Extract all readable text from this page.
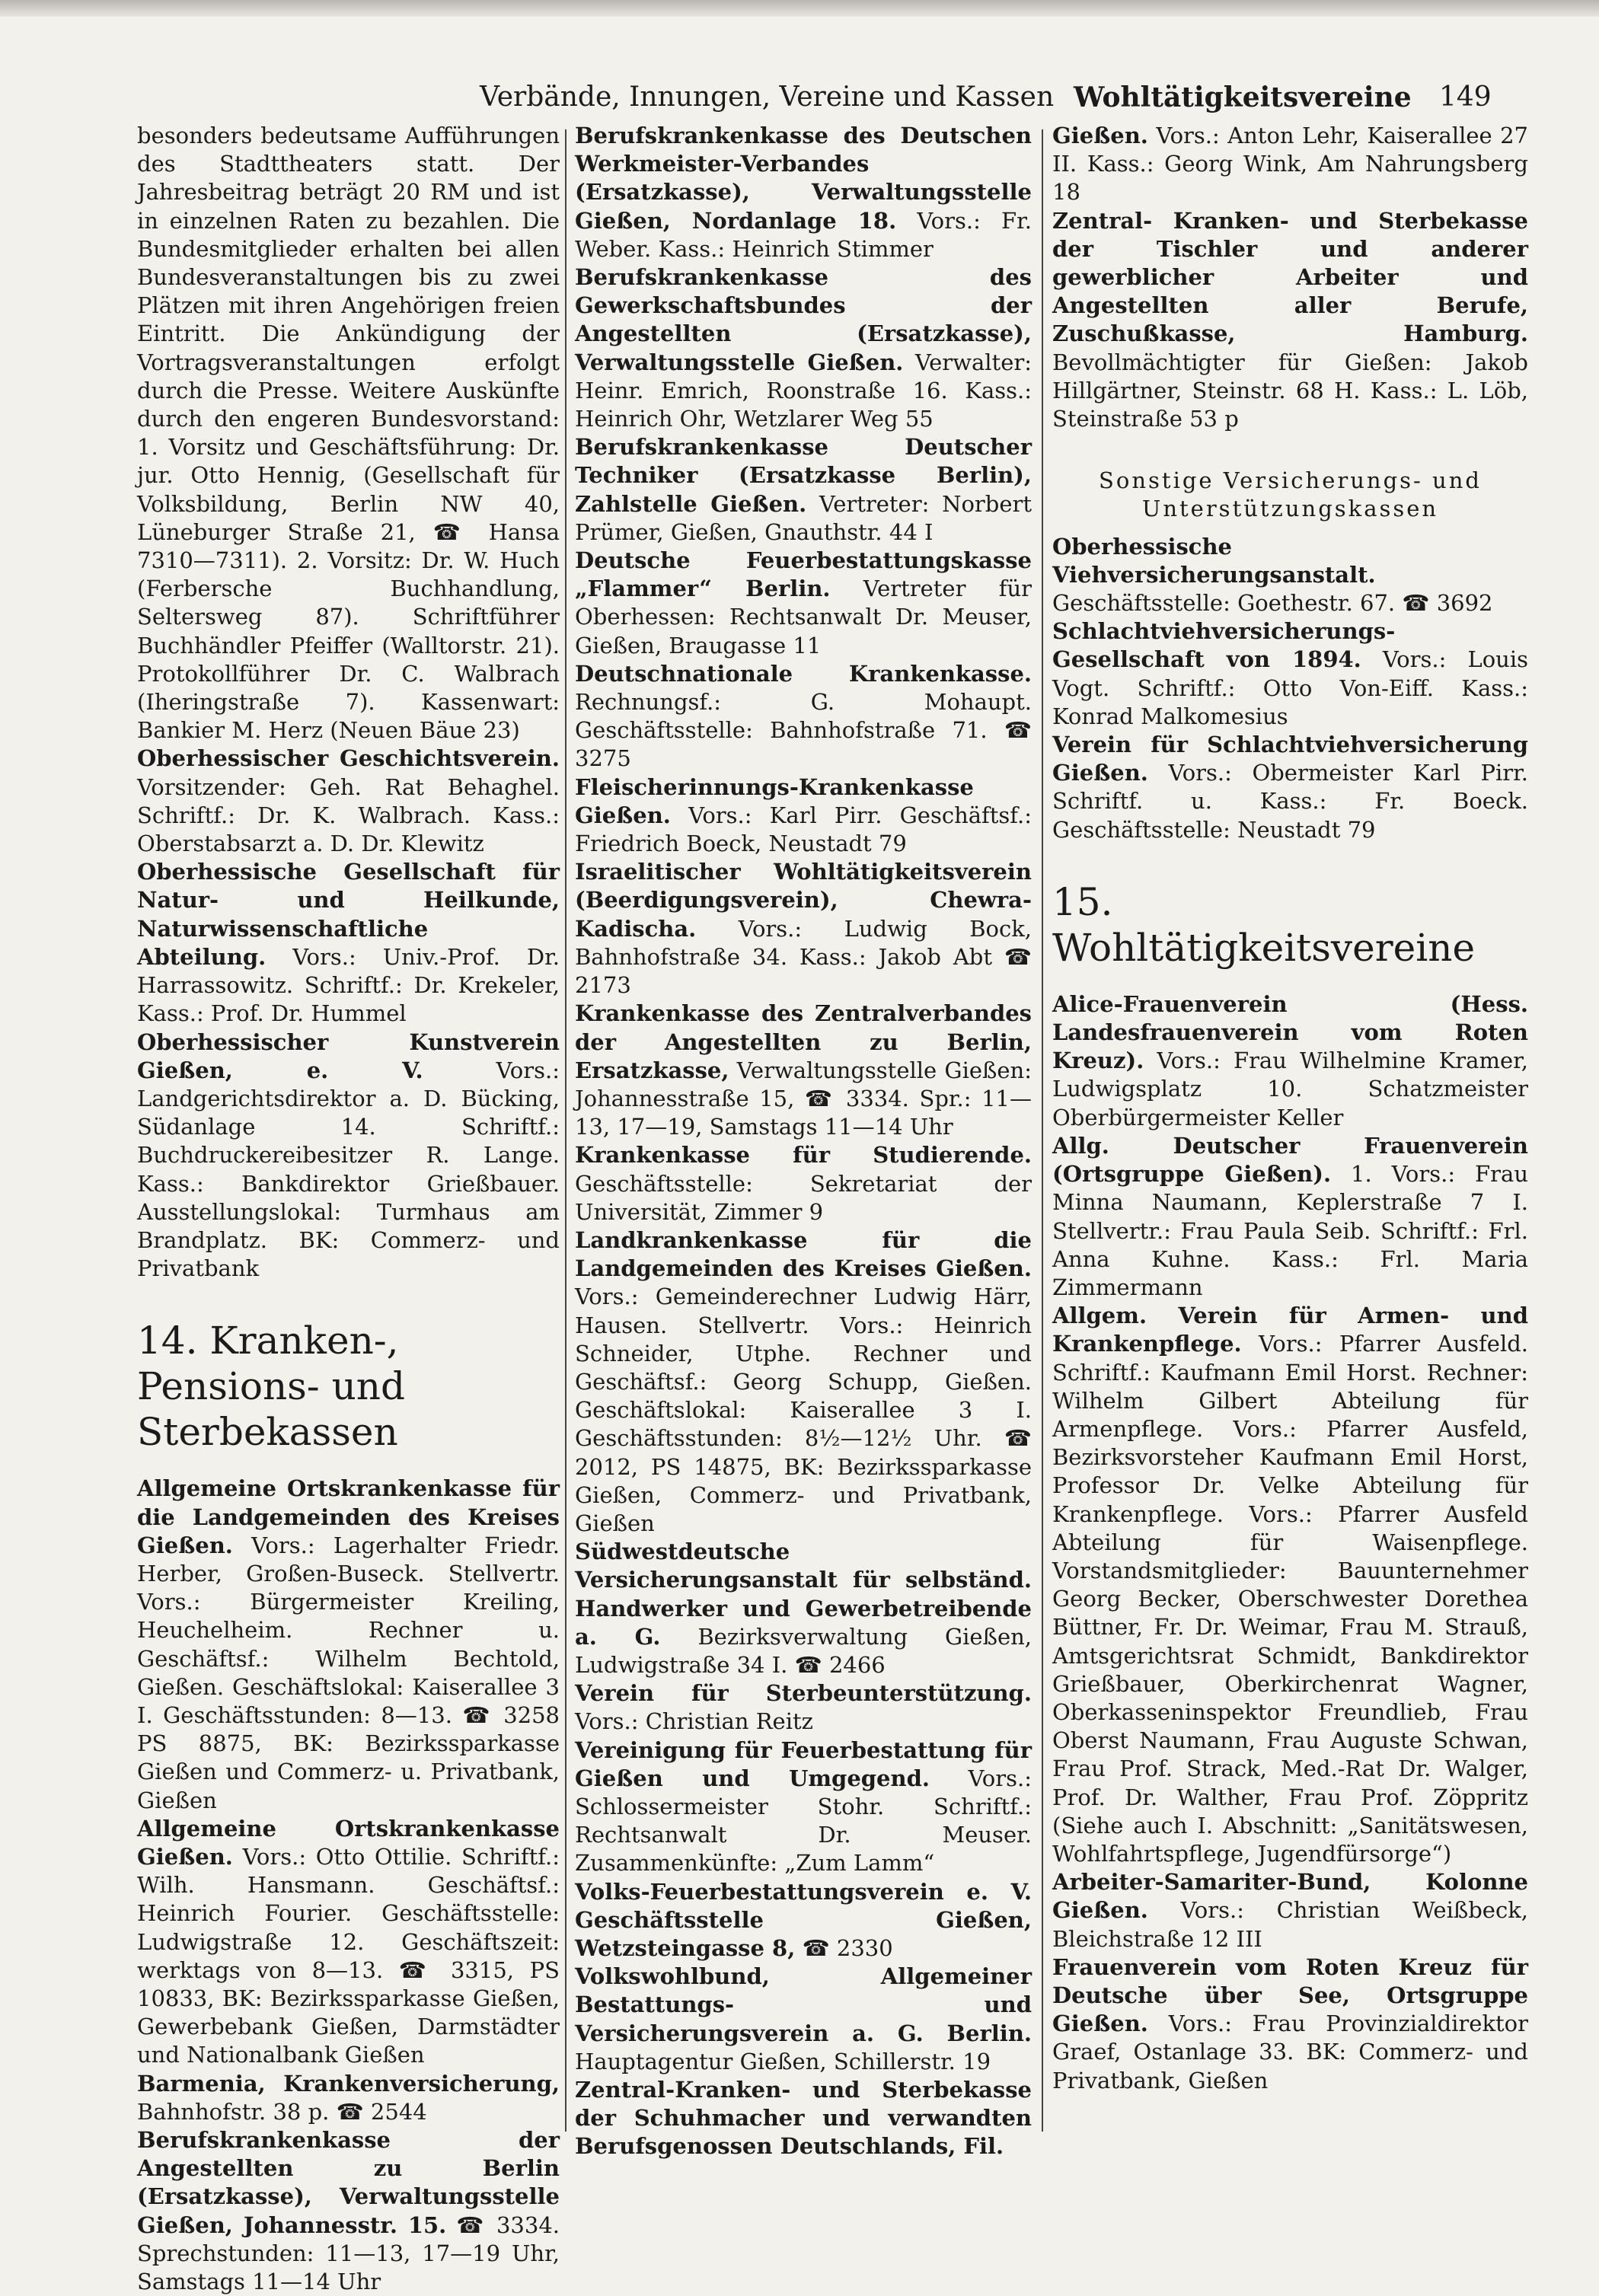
Verbände, Innungen, Vereine und Kassen Wohltätigkeitsvereine 149

besonders bedeutsame Aufführungen des Stadttheaters statt. Der Jahresbeitrag beträgt 20 RM und ist in einzelnen Raten zu bezahlen. Die Bundesmitglieder erhalten bei allen Bundesveranstaltungen bis zu zwei Plätzen mit ihren Angehörigen freien Eintritt. Die Ankündigung der Vortragsveranstaltungen erfolgt durch die Presse. Weitere Auskünfte durch den engeren Bundesvorstand: 1. Vorsitz und Geschäftsführung: Dr. jur. Otto Hennig, (Gesellschaft für Volksbildung, Berlin NW 40, Lüneburger Straße 21, ☎ Hansa 7310—7311). 2. Vorsitz: Dr. W. Huch (Ferbersche Buchhandlung, Seltersweg 87). Schriftführer Buchhändler Pfeiffer (Walltorstr. 21). Protokollführer Dr. C. Walbrach (Iheringstraße 7). Kassenwart: Bankier M. Herz (Neuen Bäue 23)

Oberhessischer Geschichtsverein. Vorsitzender: Geh. Rat Behaghel. Schriftf.: Dr. K. Walbrach. Kass.: Oberstabsarzt a. D. Dr. Klewitz

Oberhessische Gesellschaft für Natur- und Heilkunde, Naturwissenschaftliche Abteilung. Vors.: Univ.-Prof. Dr. Harrassowitz. Schriftf.: Dr. Krekeler, Kass.: Prof. Dr. Hummel

Oberhessischer Kunstverein Gießen, e. V.	Vors.: Landgerichtsdirektor a. D. Bücking, Südanlage 14. Schriftf.: Buchdruckereibesitzer R. Lange. Kass.: Bankdirektor Grießbauer. Ausstellungslokal: Turmhaus am Brandplatz. BK: Commerz- und Privatbank

14. Kranken-, Pensions- und Sterbekassen

Allgemeine Ortskrankenkasse für die Landgemeinden des Kreises Gießen. Vors.: Lagerhalter Friedr. Herber, Großen-Buseck. Stellvertr. Vors.: Bürgermeister Kreiling, Heuchelheim. Rechner u. Geschäftsf.: Wilhelm Bechtold, Gießen. Geschäftslokal: Kaiserallee 3 I. Geschäftsstunden: 8—13. ☎ 3258 PS 8875, BK: Bezirkssparkasse Gießen und Commerz- u. Privatbank, Gießen

Allgemeine Ortskrankenkasse Gießen. Vors.: Otto Ottilie. Schriftf.: Wilh. Hansmann. Geschäftsf.: Heinrich Fourier. Geschäftsstelle: Ludwigstraße 12. Geschäftszeit: werktags von 8—13. ☎ 3315, PS 10833, BK: Bezirkssparkasse Gießen, Gewerbebank Gießen, Darmstädter und Nationalbank Gießen

Barmenia, Krankenversicherung, Bahnhofstr. 38 p. ☎ 2544

Berufskrankenkasse der Angestellten zu Berlin (Ersatzkasse), Verwaltungsstelle Gießen, Johannesstr. 15. ☎ 3334. Sprechstunden: 11—13, 17—19 Uhr, Samstags 11—14 Uhr

Berufskrankenkasse des Deutschen Werkmeister-Verbandes (Ersatzkasse), Verwaltungsstelle Gießen, Nordanlage 18. Vors.: Fr. Weber. Kass.: Heinrich Stimmer

Berufskrankenkasse des Gewerkschaftsbundes der Angestellten (Ersatzkasse), Verwaltungsstelle Gießen. Verwalter: Heinr. Emrich, Roonstraße 16. Kass.: Heinrich Ohr, Wetzlarer Weg 55

Berufskrankenkasse Deutscher Techniker (Ersatzkasse Berlin), Zahlstelle Gießen. Vertreter: Norbert Prümer, Gießen, Gnauthstr. 44 I

Deutsche Feuerbestattungskasse „Flammer“ Berlin. Vertreter für Oberhessen: Rechtsanwalt Dr. Meuser, Gießen, Braugasse 11

Deutschnationale Krankenkasse. Rechnungsf.: G. Mohaupt. Geschäftsstelle: Bahnhofstraße 71. ☎ 3275

Fleischerinnungs-Krankenkasse Gießen. Vors.: Karl Pirr. Geschäftsf.: Friedrich Boeck, Neustadt 79

Israelitischer Wohltätigkeitsverein (Beerdigungsverein), Chewra-Kadischa. Vors.: Ludwig Bock, Bahnhofstraße 34. Kass.: Jakob Abt ☎ 2173

Krankenkasse des Zentralverbandes der Angestellten zu Berlin, Ersatzkasse, Verwaltungsstelle Gießen: Johannesstraße 15, ☎ 3334. Spr.: 11—13, 17—19, Samstags 11—14 Uhr

Krankenkasse für Studierende. Geschäftsstelle: Sekretariat der Universität, Zimmer 9

Landkrankenkasse für die Landgemeinden des Kreises Gießen. Vors.: Gemeinderechner Ludwig Härr, Hausen. Stellvertr. Vors.: Heinrich Schneider, Utphe. Rechner und Geschäftsf.: Georg Schupp, Gießen. Geschäftslokal: Kaiserallee 3 I. Geschäftsstunden: 8½—12½ Uhr. ☎ 2012, PS 14875, BK: Bezirkssparkasse Gießen, Commerz- und Privatbank, Gießen

Südwestdeutsche Versicherungsanstalt für selbständ. Handwerker und Gewerbetreibende a. G. Bezirksverwaltung Gießen, Ludwigstraße 34 I. ☎ 2466

Verein für Sterbeunterstützung. Vors.: Christian Reitz

Vereinigung für Feuerbestattung für Gießen und Umgegend. Vors.: Schlossermeister Stohr. Schriftf.: Rechtsanwalt Dr. Meuser. Zusammenkünfte: „Zum Lamm“

Volks-Feuerbestattungsverein e. V. Geschäftsstelle Gießen, Wetzsteingasse 8, ☎ 2330

Volkswohlbund, Allgemeiner Bestattungs- und Versicherungsverein a. G. Berlin. Hauptagentur Gießen, Schillerstr. 19

Zentral-Kranken- und Sterbekasse der Schuhmacher und verwandten Berufsgenossen Deutschlands, Fil.

Gießen. Vors.: Anton Lehr, Kaiserallee 27 II. Kass.: Georg Wink, Am Nahrungsberg 18

Zentral- Kranken- und Sterbekasse der Tischler und anderer gewerblicher Arbeiter und Angestellten aller Berufe, Zuschußkasse, Hamburg. Bevollmächtigter für Gießen: Jakob Hillgärtner, Steinstr. 68 H. Kass.: L. Löb, Steinstraße 53 p

Sonstige Versicherungs- und Unterstützungskassen

Oberhessische Viehversicherungsanstalt. Geschäftsstelle: Goethestr. 67. ☎ 3692

Schlachtviehversicherungs-Gesellschaft von 1894. Vors.: Louis Vogt. Schriftf.: Otto Von-Eiff. Kass.: Konrad Malkomesius

Verein für Schlachtviehversicherung Gießen. Vors.: Obermeister Karl Pirr. Schriftf. u. Kass.: Fr. Boeck. Geschäftsstelle: Neustadt 79

15. Wohltätigkeitsvereine

Alice-Frauenverein (Hess. Landesfrauenverein vom Roten Kreuz). Vors.: Frau Wilhelmine Kramer, Ludwigsplatz 10. Schatzmeister Oberbürgermeister Keller

Allg. Deutscher Frauenverein (Ortsgruppe Gießen). 1. Vors.: Frau Minna Naumann, Keplerstraße 7 I. Stellvertr.: Frau Paula Seib. Schriftf.: Frl. Anna Kuhne. Kass.: Frl. Maria Zimmermann

Allgem. Verein für Armen- und Krankenpflege. Vors.: Pfarrer Ausfeld. Schriftf.: Kaufmann Emil Horst. Rechner: Wilhelm Gilbert Abteilung für Armenpflege. Vors.: Pfarrer Ausfeld, Bezirksvorsteher Kaufmann Emil Horst, Professor Dr. Velke Abteilung für Krankenpflege. Vors.: Pfarrer Ausfeld Abteilung für Waisenpflege. Vorstandsmitglieder: Bauunternehmer Georg Becker, Oberschwester Dorethea Büttner, Fr. Dr. Weimar, Frau M. Strauß, Amtsgerichtsrat Schmidt, Bankdirektor Grießbauer, Oberkirchenrat Wagner, Oberkasseninspektor Freundlieb, Frau Oberst Naumann, Frau Auguste Schwan, Frau Prof. Strack, Med.-Rat Dr. Walger, Prof. Dr. Walther, Frau Prof. Zöppritz (Siehe auch I. Abschnitt: „Sanitätswesen, Wohlfahrtspflege, Jugendfürsorge“)

Arbeiter-Samariter-Bund, Kolonne Gießen. Vors.: Christian Weißbeck, Bleichstraße 12 III

Frauenverein vom Roten Kreuz für Deutsche über See, Ortsgruppe Gießen. Vors.: Frau Provinzialdirektor Graef, Ostanlage 33. BK: Commerz- und Privatbank, Gießen
